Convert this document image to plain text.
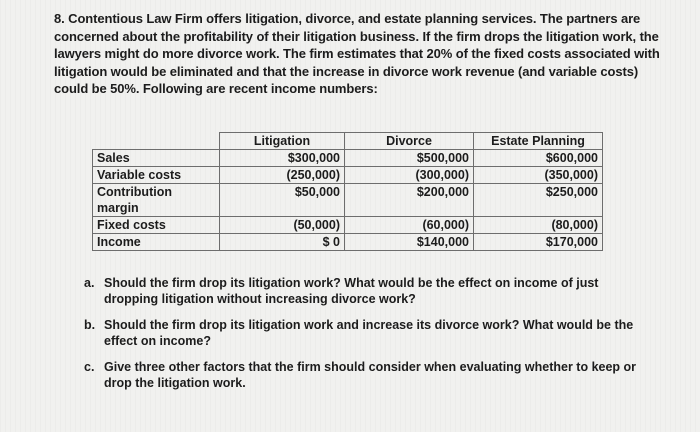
8. Contentious Law Firm offers litigation, divorce, and estate planning services. The partners are concerned about the profitability of their litigation business. If the firm drops the litigation work, the lawyers might do more divorce work. The firm estimates that 20% of the fixed costs associated with litigation would be eliminated and that the increase in divorce work revenue (and variable costs) could be 50%. Following are recent income numbers:

	Litigation	Divorce	Estate Planning
Sales	$300,000	$500,000	$600,000
Variable costs	(250,000)	(300,000)	(350,000)
Contribution margin	$50,000	$200,000	$250,000
Fixed costs	(50,000)	(60,000)	(80,000)
Income	$ 0	$140,000	$170,000
a. Should the firm drop its litigation work? What would be the effect on income of just dropping litigation without increasing divorce work?
b. Should the firm drop its litigation work and increase its divorce work? What would be the effect on income?
c. Give three other factors that the firm should consider when evaluating whether to keep or drop the litigation work.
